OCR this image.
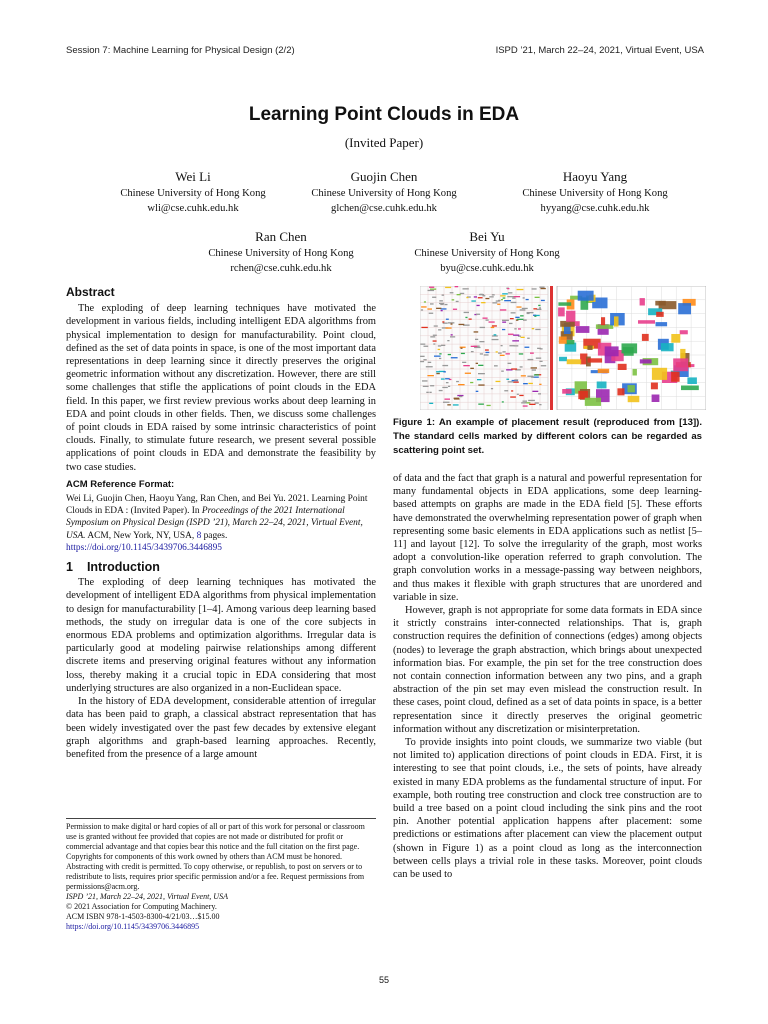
Session 7: Machine Learning for Physical Design (2/2)	ISPD ’21, March 22–24, 2021, Virtual Event, USA
Learning Point Clouds in EDA
(Invited Paper)
Wei Li
Chinese University of Hong Kong
wli@cse.cuhk.edu.hk
Guojin Chen
Chinese University of Hong Kong
glchen@cse.cuhk.edu.hk
Haoyu Yang
Chinese University of Hong Kong
hyyang@cse.cuhk.edu.hk
Ran Chen
Chinese University of Hong Kong
rchen@cse.cuhk.edu.hk
Bei Yu
Chinese University of Hong Kong
byu@cse.cuhk.edu.hk
Abstract

The exploding of deep learning techniques have motivated the development in various fields, including intelligent EDA algorithms from physical implementation to design for manufacturability. Point cloud, defined as the set of data points in space, is one of the most important data representations in deep learning since it directly preserves the original geometric information without any discretization. However, there are still some challenges that stifle the applications of point clouds in the EDA field. In this paper, we first review previous works about deep learning in EDA and point clouds in other fields. Then, we discuss some challenges of point clouds in EDA raised by some intrinsic characteristics of point clouds. Finally, to stimulate future research, we present several possible applications of point clouds in EDA and demonstrate the feasibility by two case studies.

ACM Reference Format:
Wei Li, Guojin Chen, Haoyu Yang, Ran Chen, and Bei Yu. 2021. Learning Point Clouds in EDA : (Invited Paper). In Proceedings of the 2021 International Symposium on Physical Design (ISPD ’21), March 22–24, 2021, Virtual Event, USA. ACM, New York, NY, USA, 8 pages. https://doi.org/10.1145/3439706.3446895
1 Introduction

The exploding of deep learning techniques has motivated the development of intelligent EDA algorithms from physical implementation to design for manufacturability [1–4]. Among various deep learning based methods, the study on irregular data is one of the core subjects in enormous EDA problems and optimization algorithms. Irregular data is particularly good at modeling pairwise relationships among different discrete items and preserving original features without any information loss, thereby making it a crucial topic in EDA considering that most underlying structures are also organized in a non-Euclidean space.

In the history of EDA development, considerable attention of irregular data has been paid to graph, a classical abstract representation that has been widely investigated over the past few decades by extensive elegant graph algorithms and graph-based learning approaches. Recently, benefited from the presence of a large amount

Figure 1: An example of placement result (reproduced from [13]). The standard cells marked by different colors can be regarded as scattering point set.

of data and the fact that graph is a natural and powerful representation for many fundamental objects in EDA applications, some deep learning-based attempts on graphs are made in the EDA field [5]. These efforts have demonstrated the overwhelming representation power of graph when representing some basic elements in EDA applications such as netlist [5–11] and layout [12]. To solve the irregularity of the graph, most works adopt a convolution-like operation referred to graph convolution. The graph convolution works in a message-passing way between neighbors, and thus makes it flexible with graph structures that are unordered and variable in size.

However, graph is not appropriate for some data formats in EDA since it strictly constrains inter-connected relationships. That is, graph construction requires the definition of connections (edges) among objects (nodes) to leverage the graph abstraction, which brings about unexpected information bias. For example, the pin set for the tree construction does not contain connection information between any two pins, and a graph abstraction of the pin set may even mislead the construction result. In these cases, point cloud, defined as a set of data points in space, is a better representation since it directly preserves the original geometric information without any discretization or misinterpretation.

To provide insights into point clouds, we summarize two viable (but not limited to) application directions of point clouds in EDA. First, it is interesting to see that point clouds, i.e., the sets of points, have already existed in many EDA problems as the fundamental structure of input. For example, both routing tree construction and clock tree construction are to build a tree based on a point cloud including the sink pins and the root pin. Another potential application happens after placement: some predictions or estimations after placement can view the placement output (shown in Figure 1) as a point cloud as long as the interconnection between cells plays a trivial role in these tasks. Moreover, point clouds can be used to

Permission to make digital or hard copies of all or part of this work for personal or classroom use is granted without fee provided that copies are not made or distributed for profit or commercial advantage and that copies bear this notice and the full citation on the first page. Copyrights for components of this work owned by others than ACM must be honored. Abstracting with credit is permitted. To copy otherwise, or republish, to post on servers or to redistribute to lists, requires prior specific permission and/or a fee. Request permissions from permissions@acm.org.
ISPD ’21, March 22–24, 2021, Virtual Event, USA
© 2021 Association for Computing Machinery.
ACM ISBN 978-1-4503-8300-4/21/03…$15.00
https://doi.org/10.1145/3439706.3446895
55
